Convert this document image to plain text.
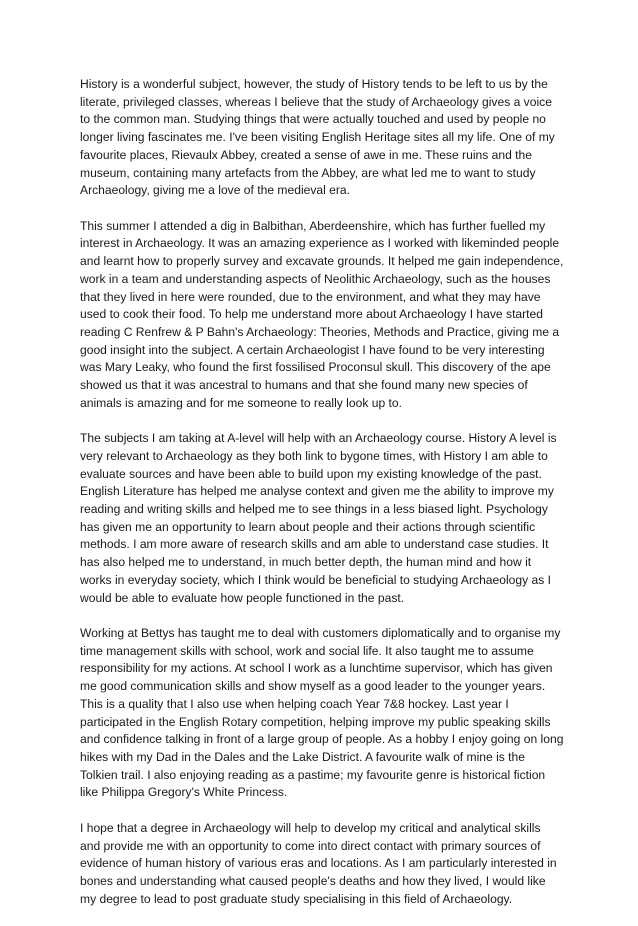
History is a wonderful subject, however, the study of History tends to be left to us by the literate, privileged classes, whereas I believe that the study of Archaeology gives a voice to the common man. Studying things that were actually touched and used by people no longer living fascinates me. I've been visiting English Heritage sites all my life. One of my favourite places, Rievaulx Abbey, created a sense of awe in me. These ruins and the museum, containing many artefacts from the Abbey, are what led me to want to study Archaeology, giving me a love of the medieval era.

This summer I attended a dig in Balbithan, Aberdeenshire, which has further fuelled my interest in Archaeology. It was an amazing experience as I worked with likeminded people and learnt how to properly survey and excavate grounds. It helped me gain independence, work in a team and understanding aspects of Neolithic Archaeology, such as the houses that they lived in here were rounded, due to the environment, and what they may have used to cook their food. To help me understand more about Archaeology I have started reading C Renfrew & P Bahn's Archaeology: Theories, Methods and Practice, giving me a good insight into the subject. A certain Archaeologist I have found to be very interesting was Mary Leaky, who found the first fossilised Proconsul skull. This discovery of the ape showed us that it was ancestral to humans and that she found many new species of animals is amazing and for me someone to really look up to.

The subjects I am taking at A-level will help with an Archaeology course. History A level is very relevant to Archaeology as they both link to bygone times, with History I am able to evaluate sources and have been able to build upon my existing knowledge of the past. English Literature has helped me analyse context and given me the ability to improve my reading and writing skills and helped me to see things in a less biased light. Psychology has given me an opportunity to learn about people and their actions through scientific methods. I am more aware of research skills and am able to understand case studies. It has also helped me to understand, in much better depth, the human mind and how it works in everyday society, which I think would be beneficial to studying Archaeology as I would be able to evaluate how people functioned in the past.

Working at Bettys has taught me to deal with customers diplomatically and to organise my time management skills with school, work and social life. It also taught me to assume responsibility for my actions. At school I work as a lunchtime supervisor, which has given me good communication skills and show myself as a good leader to the younger years. This is a quality that I also use when helping coach Year 7&8 hockey. Last year I participated in the English Rotary competition, helping improve my public speaking skills and confidence talking in front of a large group of people. As a hobby I enjoy going on long hikes with my Dad in the Dales and the Lake District. A favourite walk of mine is the Tolkien trail. I also enjoying reading as a pastime; my favourite genre is historical fiction like Philippa Gregory's White Princess.

I hope that a degree in Archaeology will help to develop my critical and analytical skills and provide me with an opportunity to come into direct contact with primary sources of evidence of human history of various eras and locations. As I am particularly interested in bones and understanding what caused people's deaths and how they lived, I would like my degree to lead to post graduate study specialising in this field of Archaeology.
